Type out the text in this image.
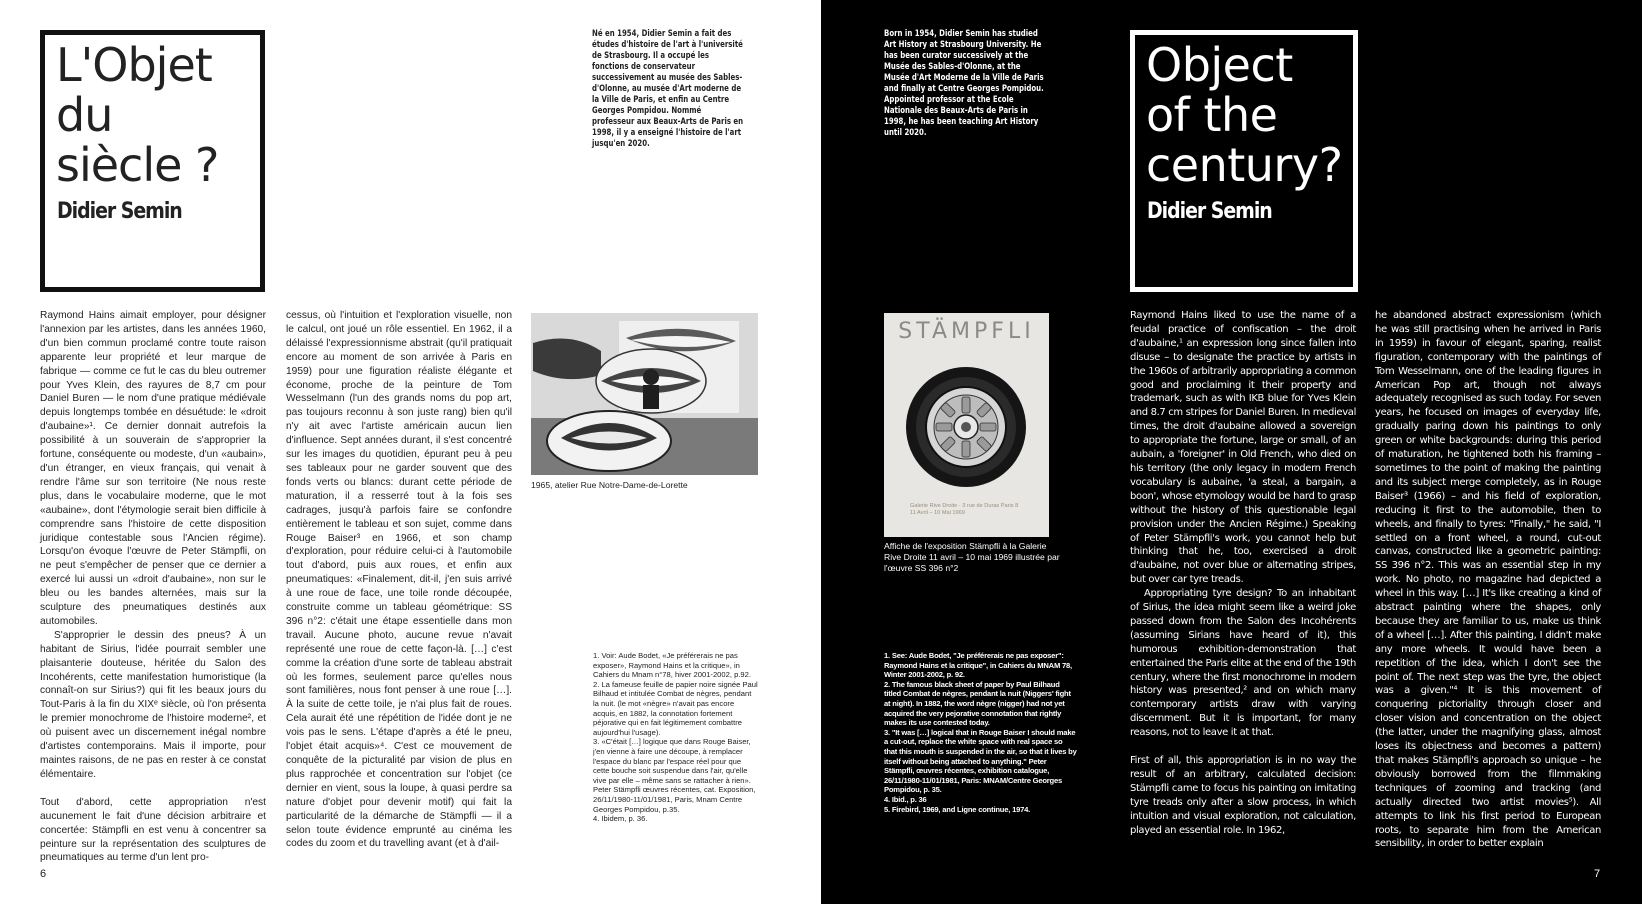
L'Objet
du
siècle ?
Didier Semin

Né en 1954, Didier Semin a fait des études d'histoire de l'art à l'université de Strasbourg. Il a occupé les fonctions de conservateur successivement au musée des Sables-d'Olonne, au musée d'Art moderne de la Ville de Paris, et enfin au Centre Georges Pompidou. Nommé professeur aux Beaux-Arts de Paris en 1998, il y a enseigné l'histoire de l'art jusqu'en 2020.

Raymond Hains aimait employer, pour désigner l'annexion par les artistes, dans les années 1960, d'un bien commun proclamé contre toute raison apparente leur propriété et leur marque de fabrique — comme ce fut le cas du bleu outremer pour Yves Klein, des rayures de 8,7 cm pour Daniel Buren — le nom d'une pratique médiévale depuis longtemps tombée en désuétude: le «droit d'aubaine»¹. Ce dernier donnait autrefois la possibilité à un souverain de s'approprier la fortune, conséquente ou modeste, d'un «aubain», d'un étranger, en vieux français, qui venait à rendre l'âme sur son territoire (Ne nous reste plus, dans le vocabulaire moderne, que le mot «aubaine», dont l'étymologie serait bien difficile à comprendre sans l'histoire de cette disposition juridique contestable sous l'Ancien régime). Lorsqu'on évoque l'œuvre de Peter Stämpfli, on ne peut s'empêcher de penser que ce dernier a exercé lui aussi un «droit d'aubaine», non sur le bleu ou les bandes alternées, mais sur la sculpture des pneumatiques destinés aux automobiles.

S'approprier le dessin des pneus? À un habitant de Sirius, l'idée pourrait sembler une plaisanterie douteuse, héritée du Salon des Incohérents, cette manifestation humoristique (la connaît-on sur Sirius?) qui fit les beaux jours du Tout-Paris à la fin du XIXᵉ siècle, où l'on présenta le premier monochrome de l'histoire moderne², et où puisent avec un discernement inégal nombre d'artistes contemporains. Mais il importe, pour maintes raisons, de ne pas en rester à ce constat élémentaire.

Tout d'abord, cette appropriation n'est aucunement le fait d'une décision arbitraire et concertée: Stämpfli en est venu à concentrer sa peinture sur la représentation des sculptures de pneumatiques au terme d'un lent pro-

cessus, où l'intuition et l'exploration visuelle, non le calcul, ont joué un rôle essentiel. En 1962, il a délaissé l'expressionnisme abstrait (qu'il pratiquait encore au moment de son arrivée à Paris en 1959) pour une figuration réaliste élégante et économe, proche de la peinture de Tom Wesselmann (l'un des grands noms du pop art, pas toujours reconnu à son juste rang) bien qu'il n'y ait avec l'artiste américain aucun lien d'influence. Sept années durant, il s'est concentré sur les images du quotidien, épurant peu à peu ses tableaux pour ne garder souvent que des fonds verts ou blancs: durant cette période de maturation, il a resserré tout à la fois ses cadrages, jusqu'à parfois faire se confondre entièrement le tableau et son sujet, comme dans Rouge Baiser³ en 1966, et son champ d'exploration, pour réduire celui-ci à l'automobile tout d'abord, puis aux roues, et enfin aux pneumatiques: «Finalement, dit-il, j'en suis arrivé à une roue de face, une toile ronde découpée, construite comme un tableau géométrique: SS 396 n°2: c'était une étape essentielle dans mon travail. Aucune photo, aucune revue n'avait représenté une roue de cette façon-là. […] c'est comme la création d'une sorte de tableau abstrait où les formes, seulement parce qu'elles nous sont familières, nous font penser à une roue […]. À la suite de cette toile, je n'ai plus fait de roues. Cela aurait été une répétition de l'idée dont je ne vois pas le sens. L'étape d'après a été le pneu, l'objet était acquis»⁴. C'est ce mouvement de conquête de la picturalité par vision de plus en plus rapprochée et concentration sur l'objet (ce dernier en vient, sous la loupe, à quasi perdre sa nature d'objet pour devenir motif) qui fait la particularité de la démarche de Stämpfli — il a selon toute évidence emprunté au cinéma les codes du zoom et du travelling avant (et à d'ail-

1965, atelier Rue Notre-Dame-de-Lorette

1. Voir: Aude Bodet, «Je préférerais ne pas exposer», Raymond Hains et la critique», in Cahiers du Mnam n°78, hiver 2001-2002, p.92.

2. La fameuse feuille de papier noire signée Paul Bilhaud et intitulée Combat de nègres, pendant la nuit. (le mot «nègre» n'avait pas encore acquis, en 1882, la connotation fortement péjorative qui en fait légitimement combattre aujourd'hui l'usage).

3. «C'était […] logique que dans Rouge Baiser, j'en vienne à faire une découpe, à remplacer l'espace du blanc par l'espace réel pour que cette bouche soit suspendue dans l'air, qu'elle vive par elle – même sans se rattacher à rien». Peter Stämpfli œuvres récentes, cat. Exposition, 26/11/1980-11/01/1981, Paris, Mnam Centre Georges Pompidou, p.35.

4. Ibidem, p. 36.

6

Born in 1954, Didier Semin has studied Art History at Strasbourg University. He has been curator successively at the Musée des Sables-d'Olonne, at the Musée d'Art Moderne de la Ville de Paris and finally at Centre Georges Pompidou. Appointed professor at the Ecole Nationale des Beaux-Arts de Paris in 1998, he has been teaching Art History until 2020.

Object
of the
century?
Didier Semin
STÄMPFLI
Galerie Rive Droite · 3 rue de Duras Paris 8
11 Avril – 10 Mai 1969
Affiche de l'exposition Stämpfli à la Galerie Rive Droite 11 avril – 10 mai 1969 illustrée par l'œuvre SS 396 n°2

1. See: Aude Bodet, "Je préférerais ne pas exposer": Raymond Hains et la critique", in Cahiers du MNAM 78, Winter 2001-2002, p. 92.

2. The famous black sheet of paper by Paul Bilhaud titled Combat de nègres, pendant la nuit (Niggers' fight at night). In 1882, the word nègre (nigger) had not yet acquired the very pejorative connotation that rightly makes its use contested today.

3. "It was […] logical that in Rouge Baiser I should make a cut-out, replace the white space with real space so that this mouth is suspended in the air, so that it lives by itself without being attached to anything." Peter Stämpfli, œuvres récentes, exhibition catalogue, 26/11/1980-11/01/1981, Paris: MNAM/Centre Georges Pompidou, p. 35.

4. Ibid., p. 36

5. Firebird, 1969, and Ligne continue, 1974.

Raymond Hains liked to use the name of a feudal practice of confiscation – the droit d'aubaine,¹ an expression long since fallen into disuse – to designate the practice by artists in the 1960s of arbitrarily appropriating a common good and proclaiming it their property and trademark, such as with IKB blue for Yves Klein and 8.7 cm stripes for Daniel Buren. In medieval times, the droit d'aubaine allowed a sovereign to appropriate the fortune, large or small, of an aubain, a 'foreigner' in Old French, who died on his territory (the only legacy in modern French vocabulary is aubaine, 'a steal, a bargain, a boon', whose etymology would be hard to grasp without the history of this questionable legal provision under the Ancien Régime.) Speaking of Peter Stämpfli's work, you cannot help but thinking that he, too, exercised a droit d'aubaine, not over blue or alternating stripes, but over car tyre treads.

Appropriating tyre design? To an inhabitant of Sirius, the idea might seem like a weird joke passed down from the Salon des Incohérents (assuming Sirians have heard of it), this humorous exhibition-demonstration that entertained the Paris elite at the end of the 19th century, where the first monochrome in modern history was presented,² and on which many contemporary artists draw with varying discernment. But it is important, for many reasons, not to leave it at that.

First of all, this appropriation is in no way the result of an arbitrary, calculated decision: Stämpfli came to focus his painting on imitating tyre treads only after a slow process, in which intuition and visual exploration, not calculation, played an essential role. In 1962,

he abandoned abstract expressionism (which he was still practising when he arrived in Paris in 1959) in favour of elegant, sparing, realist figuration, contemporary with the paintings of Tom Wesselmann, one of the leading figures in American Pop art, though not always adequately recognised as such today. For seven years, he focused on images of everyday life, gradually paring down his paintings to only green or white backgrounds: during this period of maturation, he tightened both his framing – sometimes to the point of making the painting and its subject merge completely, as in Rouge Baiser³ (1966) – and his field of exploration, reducing it first to the automobile, then to wheels, and finally to tyres: "Finally," he said, "I settled on a front wheel, a round, cut-out canvas, constructed like a geometric painting: SS 396 n°2. This was an essential step in my work. No photo, no magazine had depicted a wheel in this way. […] It's like creating a kind of abstract painting where the shapes, only because they are familiar to us, make us think of a wheel […]. After this painting, I didn't make any more wheels. It would have been a repetition of the idea, which I don't see the point of. The next step was the tyre, the object was a given."⁴ It is this movement of conquering pictoriality through closer and closer vision and concentration on the object (the latter, under the magnifying glass, almost loses its objectness and becomes a pattern) that makes Stämpfli's approach so unique – he obviously borrowed from the filmmaking techniques of zooming and tracking (and actually directed two artist movies⁵). All attempts to link his first period to European roots, to separate him from the American sensibility, in order to better explain

7
